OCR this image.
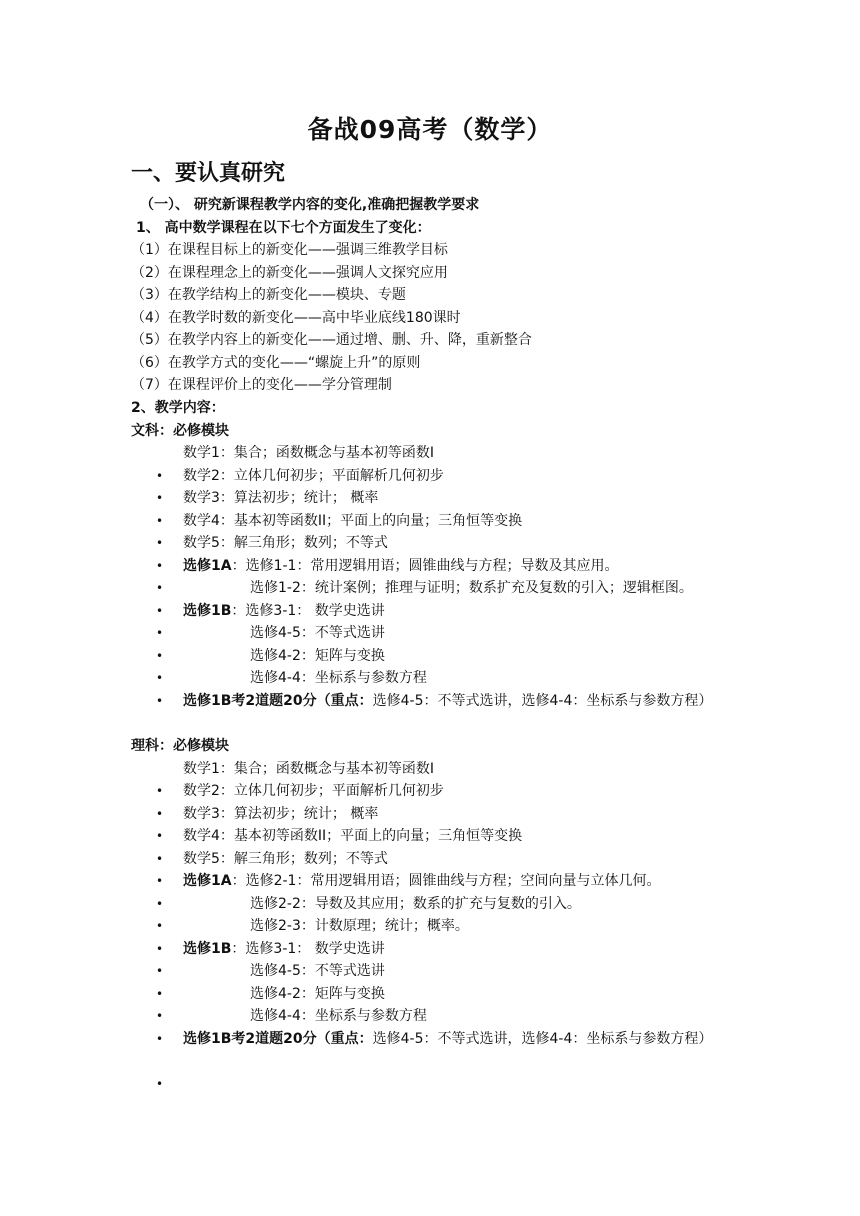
备战09高考（数学）
一、要认真研究
（一）、 研究新课程教学内容的变化,准确把握教学要求
1、 高中数学课程在以下七个方面发生了变化：
（1）在课程目标上的新变化——强调三维教学目标
（2）在课程理念上的新变化——强调人文探究应用
（3）在教学结构上的新变化——模块、专题
（4）在教学时数的新变化——高中毕业底线180课时
（5）在教学内容上的新变化——通过增、删、升、降，重新整合
（6）在教学方式的变化——“螺旋上升”的原则
（7）在课程评价上的变化——学分管理制
2、教学内容：
文科：必修模块
数学1：集合；函数概念与基本初等函数I
• 数学2：立体几何初步；平面解析几何初步
• 数学3：算法初步；统计； 概率
• 数学4：基本初等函数II；平面上的向量；三角恒等变换
• 数学5：解三角形；数列；不等式
• 选修1A：选修1-1：常用逻辑用语；圆锥曲线与方程；导数及其应用。
•	选修1-2：统计案例；推理与证明；数系扩充及复数的引入；逻辑框图。
• 选修1B：选修3-1： 数学史选讲
•	选修4-5：不等式选讲
•	选修4-2：矩阵与变换
•	选修4-4：坐标系与参数方程
• 选修1B考2道题20分（重点：选修4-5：不等式选讲，选修4-4：坐标系与参数方程）
理科：必修模块
数学1：集合；函数概念与基本初等函数I
• 数学2：立体几何初步；平面解析几何初步
• 数学3：算法初步；统计； 概率
• 数学4：基本初等函数II；平面上的向量；三角恒等变换
• 数学5：解三角形；数列；不等式
• 选修1A：选修2-1：常用逻辑用语；圆锥曲线与方程；空间向量与立体几何。
•	选修2-2：导数及其应用；数系的扩充与复数的引入。
•	选修2-3：计数原理；统计；概率。
• 选修1B：选修3-1： 数学史选讲
•	选修4-5：不等式选讲
•	选修4-2：矩阵与变换
•	选修4-4：坐标系与参数方程
• 选修1B考2道题20分（重点：选修4-5：不等式选讲，选修4-4：坐标系与参数方程）
•
